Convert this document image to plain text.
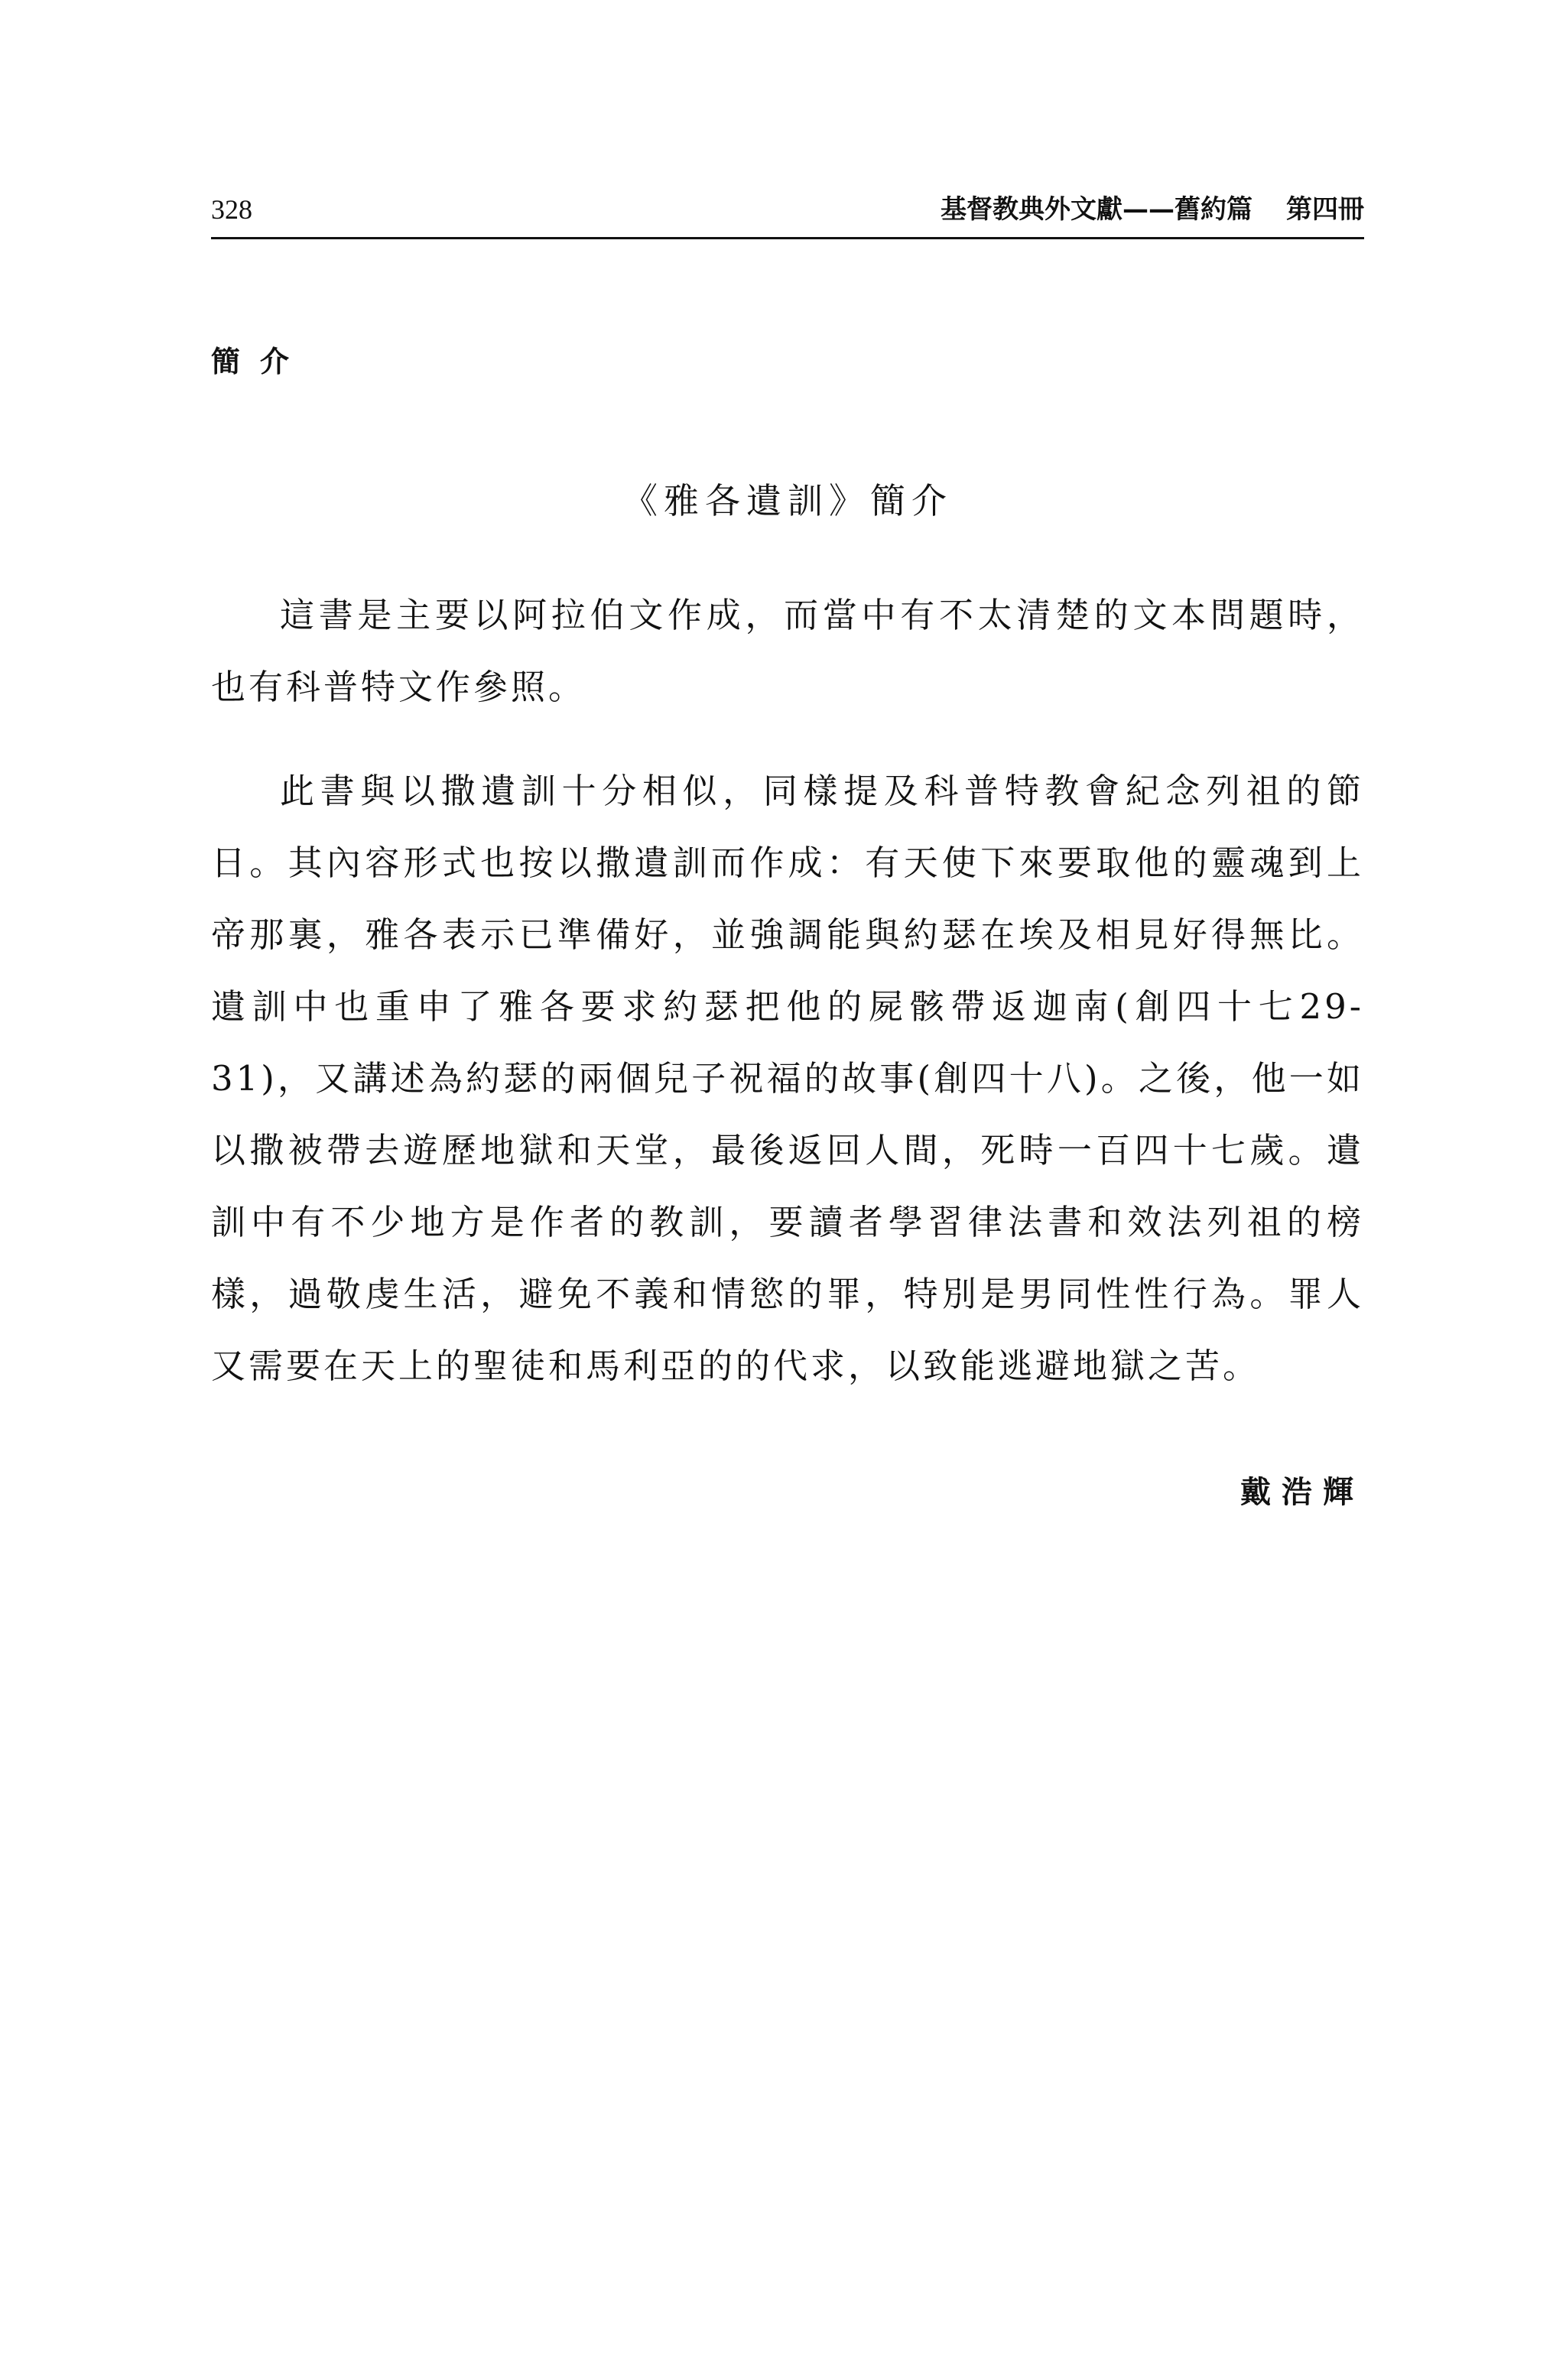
328	基督教典外文獻——舊約篇 第四冊
簡介
《雅各遺訓》簡介

這書是主要以阿拉伯文作成，而當中有不太清楚的文本問題時，也有科普特文作參照。

此書與以撒遺訓十分相似，同樣提及科普特教會紀念列祖的節日。其內容形式也按以撒遺訓而作成：有天使下來要取他的靈魂到上帝那裏，雅各表示已準備好，並強調能與約瑟在埃及相見好得無比。遺訓中也重申了雅各要求約瑟把他的屍骸帶返迦南(創四十七29-31)，又講述為約瑟的兩個兒子祝福的故事(創四十八)。之後，他一如以撒被帶去遊歷地獄和天堂，最後返回人間，死時一百四十七歲。遺訓中有不少地方是作者的教訓，要讀者學習律法書和效法列祖的榜樣，過敬虔生活，避免不義和情慾的罪，特別是男同性性行為。罪人又需要在天上的聖徒和馬利亞的的代求，以致能逃避地獄之苦。

戴浩輝
